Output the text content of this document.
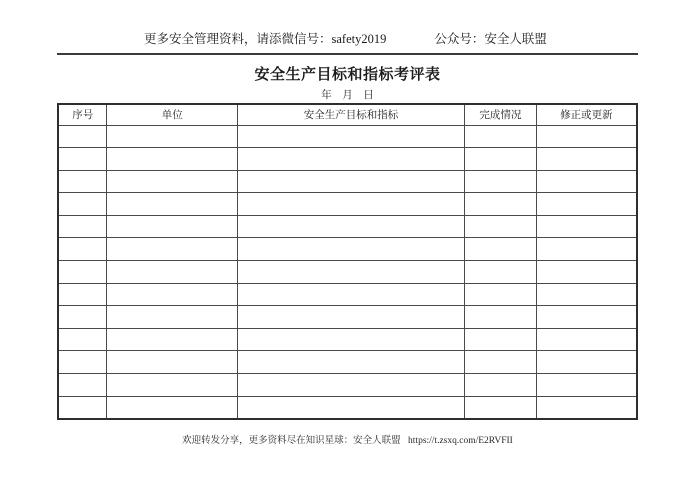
更多安全管理资料，请添微信号：safety2019	公众号：安全人联盟
安全生产目标和指标考评表
年　月　日
序号	单位	安全生产目标和指标	完成情况	修正或更新

欢迎转发分享，更多资料尽在知识星球：安全人联盟 https://t.zsxq.com/E2RVFII
